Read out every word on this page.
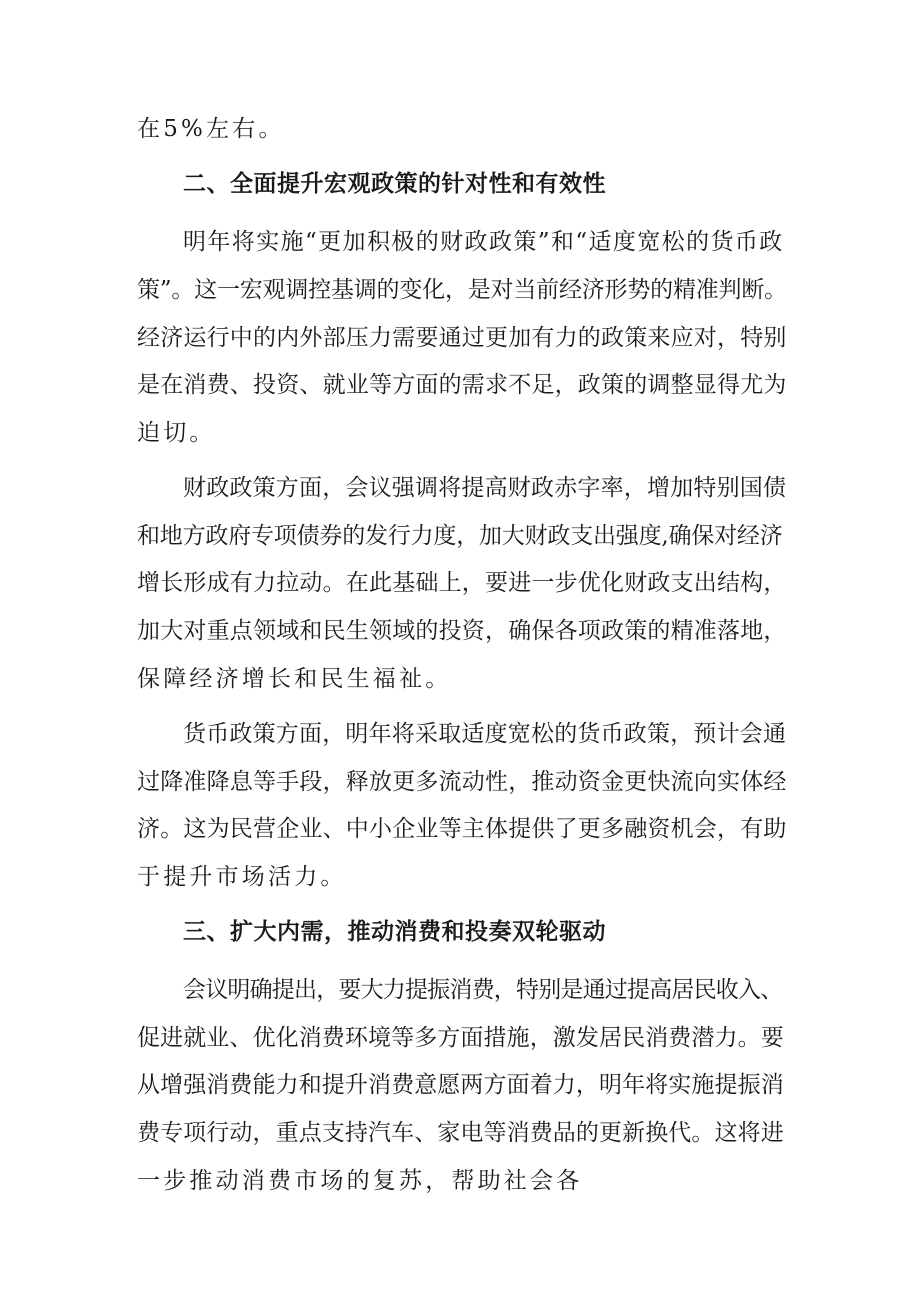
在5%左右。
二、全面提升宏观政策的针对性和有效性
明年将实施“更加积极的财政政策”和“适度宽松的货币政
策”。这一宏观调控基调的变化，是对当前经济形势的精准判断。
经济运行中的内外部压力需要通过更加有力的政策来应对，特别
是在消费、投资、就业等方面的需求不足，政策的调整显得尤为
迫切。
财政政策方面，会议强调将提高财政赤字率，增加特别国债
和地方政府专项债券的发行力度，加大财政支出强度,确保对经济
增长形成有力拉动。在此基础上，要进一步优化财政支出结构，
加大对重点领域和民生领域的投资，确保各项政策的精准落地，
保障经济增长和民生福祉。
货币政策方面，明年将采取适度宽松的货币政策，预计会通
过降准降息等手段，释放更多流动性，推动资金更快流向实体经
济。这为民营企业、中小企业等主体提供了更多融资机会，有助
于提升市场活力。
三、扩大内需，推动消费和投奏双轮驱动
会议明确提出，要大力提振消费，特别是通过提高居民收入、
促进就业、优化消费环境等多方面措施，激发居民消费潜力。要
从增强消费能力和提升消费意愿两方面着力，明年将实施提振消
费专项行动，重点支持汽车、家电等消费品的更新换代。这将进
一步推动消费市场的复苏，帮助社会各
